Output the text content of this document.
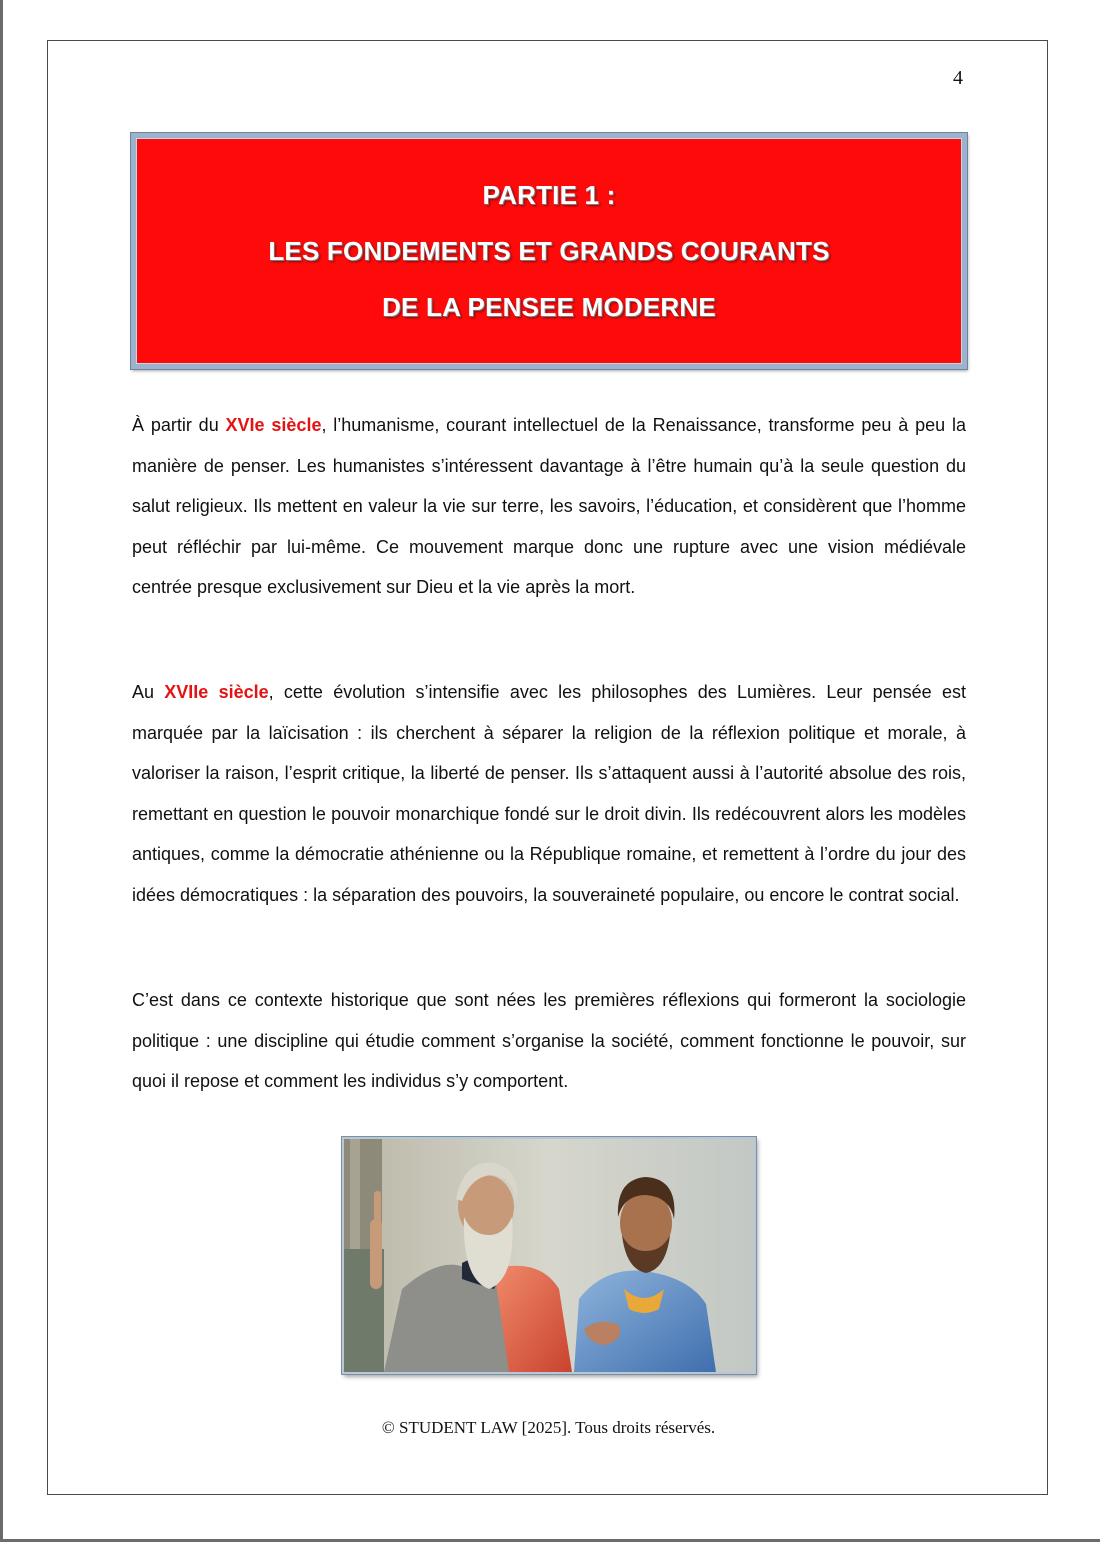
4
PARTIE 1 :
LES FONDEMENTS ET GRANDS COURANTS
DE LA PENSEE MODERNE

À partir du XVIe siècle, l’humanisme, courant intellectuel de la Renaissance, transforme peu à peu la manière de penser. Les humanistes s’intéressent davantage à l’être humain qu’à la seule question du salut religieux. Ils mettent en valeur la vie sur terre, les savoirs, l’éducation, et considèrent que l’homme peut réfléchir par lui-même. Ce mouvement marque donc une rupture avec une vision médiévale centrée presque exclusivement sur Dieu et la vie après la mort.

Au XVIIe siècle, cette évolution s’intensifie avec les philosophes des Lumières. Leur pensée est marquée par la laïcisation : ils cherchent à séparer la religion de la réflexion politique et morale, à valoriser la raison, l’esprit critique, la liberté de penser. Ils s’attaquent aussi à l’autorité absolue des rois, remettant en question le pouvoir monarchique fondé sur le droit divin. Ils redécouvrent alors les modèles antiques, comme la démocratie athénienne ou la République romaine, et remettent à l’ordre du jour des idées démocratiques : la séparation des pouvoirs, la souveraineté populaire, ou encore le contrat social.

C’est dans ce contexte historique que sont nées les premières réflexions qui formeront la sociologie politique : une discipline qui étudie comment s’organise la société, comment fonctionne le pouvoir, sur quoi il repose et comment les individus s’y comportent.

© STUDENT LAW [2025]. Tous droits réservés.
